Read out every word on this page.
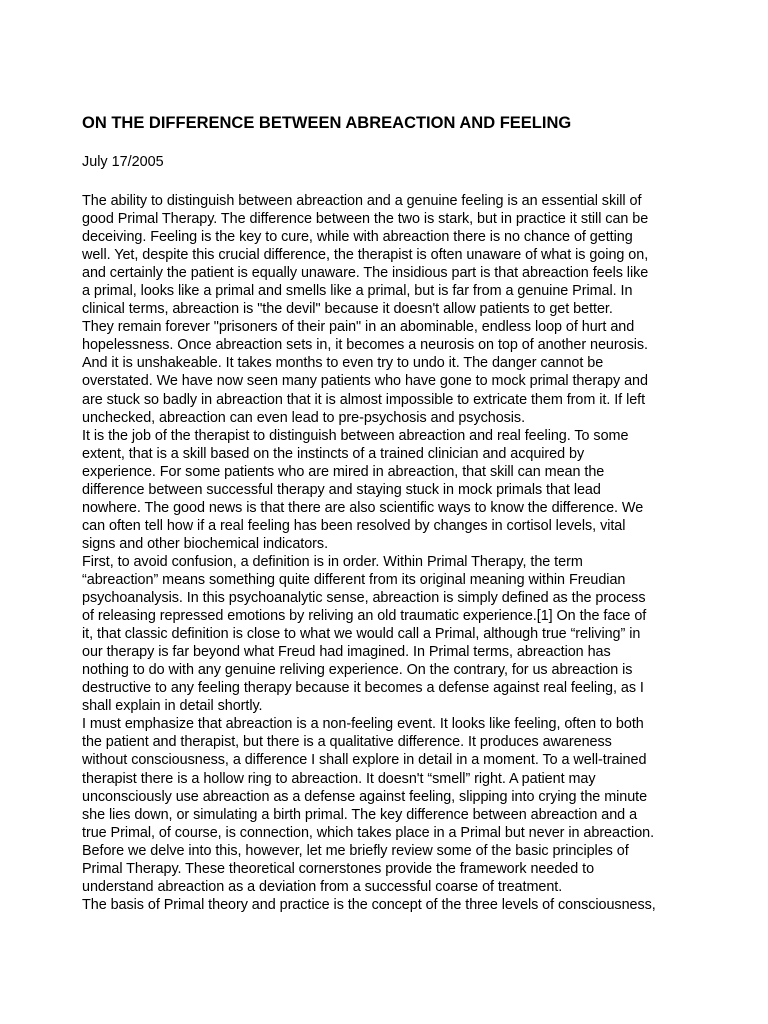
ON THE DIFFERENCE BETWEEN ABREACTION AND FEELING

July 17/2005

The ability to distinguish between abreaction and a genuine feeling is an essential skill of
good Primal Therapy. The difference between the two is stark, but in practice it still can be
deceiving. Feeling is the key to cure, while with abreaction there is no chance of getting
well. Yet, despite this crucial difference, the therapist is often unaware of what is going on,
and certainly the patient is equally unaware. The insidious part is that abreaction feels like
a primal, looks like a primal and smells like a primal, but is far from a genuine Primal. In
clinical terms, abreaction is "the devil" because it doesn't allow patients to get better.
They remain forever "prisoners of their pain" in an abominable, endless loop of hurt and
hopelessness. Once abreaction sets in, it becomes a neurosis on top of another neurosis.
And it is unshakeable. It takes months to even try to undo it. The danger cannot be
overstated. We have now seen many patients who have gone to mock primal therapy and
are stuck so badly in abreaction that it is almost impossible to extricate them from it. If left
unchecked, abreaction can even lead to pre-psychosis and psychosis.
It is the job of the therapist to distinguish between abreaction and real feeling. To some
extent, that is a skill based on the instincts of a trained clinician and acquired by
experience. For some patients who are mired in abreaction, that skill can mean the
difference between successful therapy and staying stuck in mock primals that lead
nowhere. The good news is that there are also scientific ways to know the difference. We
can often tell how if a real feeling has been resolved by changes in cortisol levels, vital
signs and other biochemical indicators.
First, to avoid confusion, a definition is in order. Within Primal Therapy, the term
“abreaction” means something quite different from its original meaning within Freudian
psychoanalysis. In this psychoanalytic sense, abreaction is simply defined as the process
of releasing repressed emotions by reliving an old traumatic experience.[1] On the face of
it, that classic definition is close to what we would call a Primal, although true “reliving” in
our therapy is far beyond what Freud had imagined. In Primal terms, abreaction has
nothing to do with any genuine reliving experience. On the contrary, for us abreaction is
destructive to any feeling therapy because it becomes a defense against real feeling, as I
shall explain in detail shortly.
I must emphasize that abreaction is a non-feeling event. It looks like feeling, often to both
the patient and therapist, but there is a qualitative difference. It produces awareness
without consciousness, a difference I shall explore in detail in a moment. To a well-trained
therapist there is a hollow ring to abreaction. It doesn't “smell” right. A patient may
unconsciously use abreaction as a defense against feeling, slipping into crying the minute
she lies down, or simulating a birth primal. The key difference between abreaction and a
true Primal, of course, is connection, which takes place in a Primal but never in abreaction.
Before we delve into this, however, let me briefly review some of the basic principles of
Primal Therapy. These theoretical cornerstones provide the framework needed to
understand abreaction as a deviation from a successful coarse of treatment.
The basis of Primal theory and practice is the concept of the three levels of consciousness,
